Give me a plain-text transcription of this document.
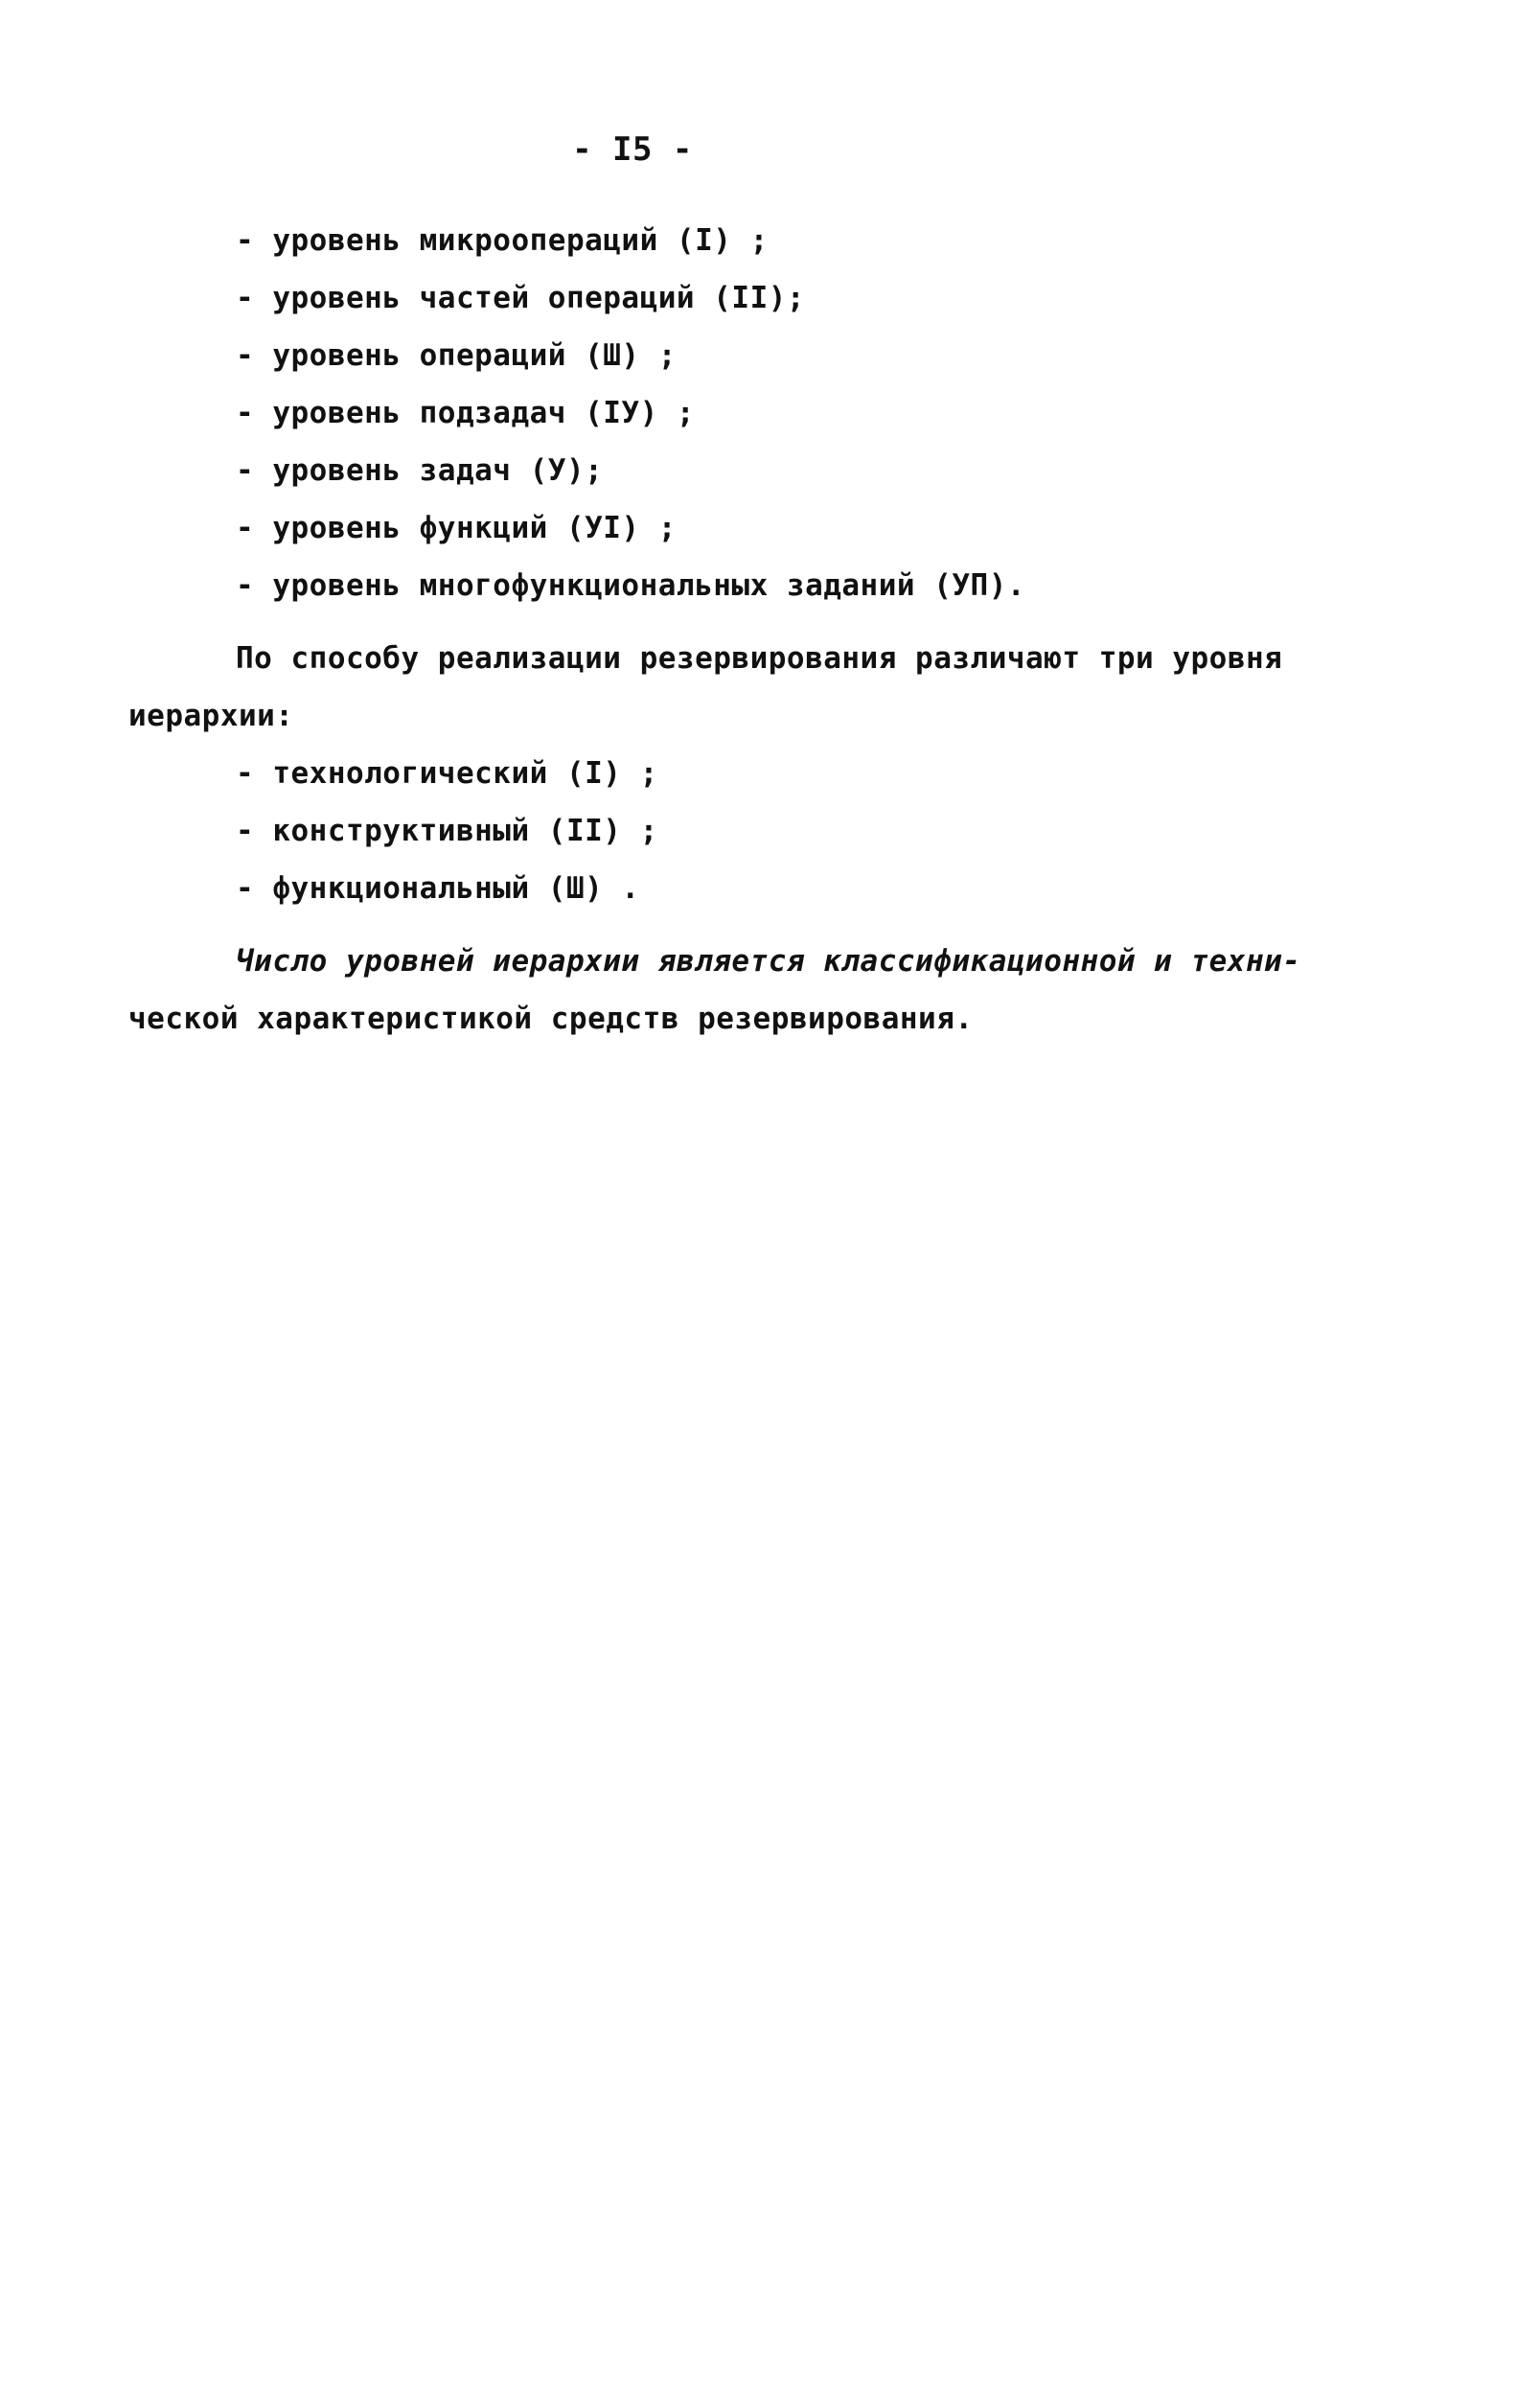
- I5 -
- уровень микроопераций (I) ;
- уровень частей операций (II);
- уровень операций (Ш) ;
- уровень подзадач (IУ) ;
- уровень задач (У);
- уровень функций (УI) ;
- уровень многофункциональных заданий (УП).
По способу реализации резервирования различают три уровня
иерархии:
- технологический (I) ;
- конструктивный (II) ;
- функциональный (Ш) .
Число уровней иерархии является классификационной и техни-
ческой характеристикой средств резервирования.
